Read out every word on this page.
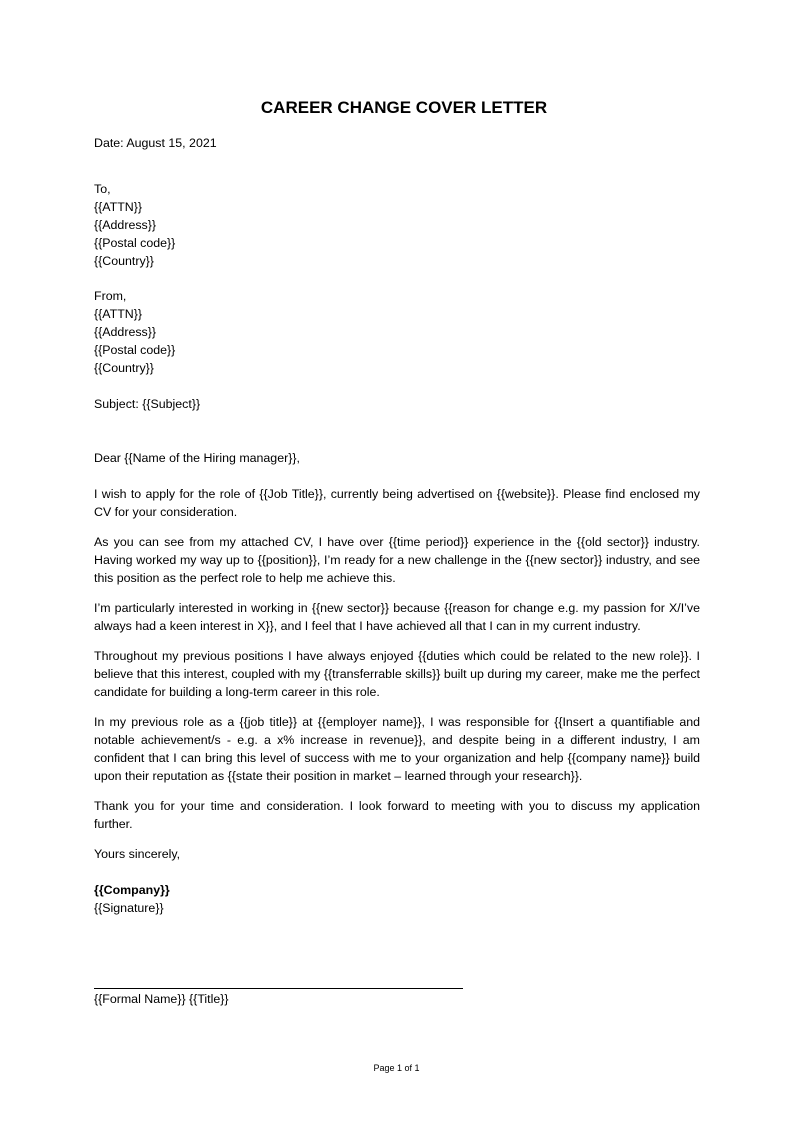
CAREER CHANGE COVER LETTER
Date: August 15, 2021
To,
{{ATTN}}
{{Address}}
{{Postal code}}
{{Country}}
From,
{{ATTN}}
{{Address}}
{{Postal code}}
{{Country}}
Subject: {{Subject}}
Dear {{Name of the Hiring manager}},

I wish to apply for the role of {{Job Title}}, currently being advertised on {{website}}. Please find enclosed my CV for your consideration.

As you can see from my attached CV, I have over {{time period}} experience in the {{old sector}} industry. Having worked my way up to {{position}}, I’m ready for a new challenge in the {{new sector}} industry, and see this position as the perfect role to help me achieve this.

I’m particularly interested in working in {{new sector}} because {{reason for change e.g. my passion for X/I’ve always had a keen interest in X}}, and I feel that I have achieved all that I can in my current industry.

Throughout my previous positions I have always enjoyed {{duties which could be related to the new role}}. I believe that this interest, coupled with my {{transferrable skills}} built up during my career, make me the perfect candidate for building a long-term career in this role.

In my previous role as a {{job title}} at {{employer name}}, I was responsible for {{Insert a quantifiable and notable achievement/s - e.g. a x% increase in revenue}}, and despite being in a different industry, I am confident that I can bring this level of success with me to your organization and help {{company name}} build upon their reputation as {{state their position in market – learned through your research}}.

Thank you for your time and consideration. I look forward to meeting with you to discuss my application further.

Yours sincerely,
{{Company}}
{{Signature}}
{{Formal Name}} {{Title}}
Page 1 of 1
